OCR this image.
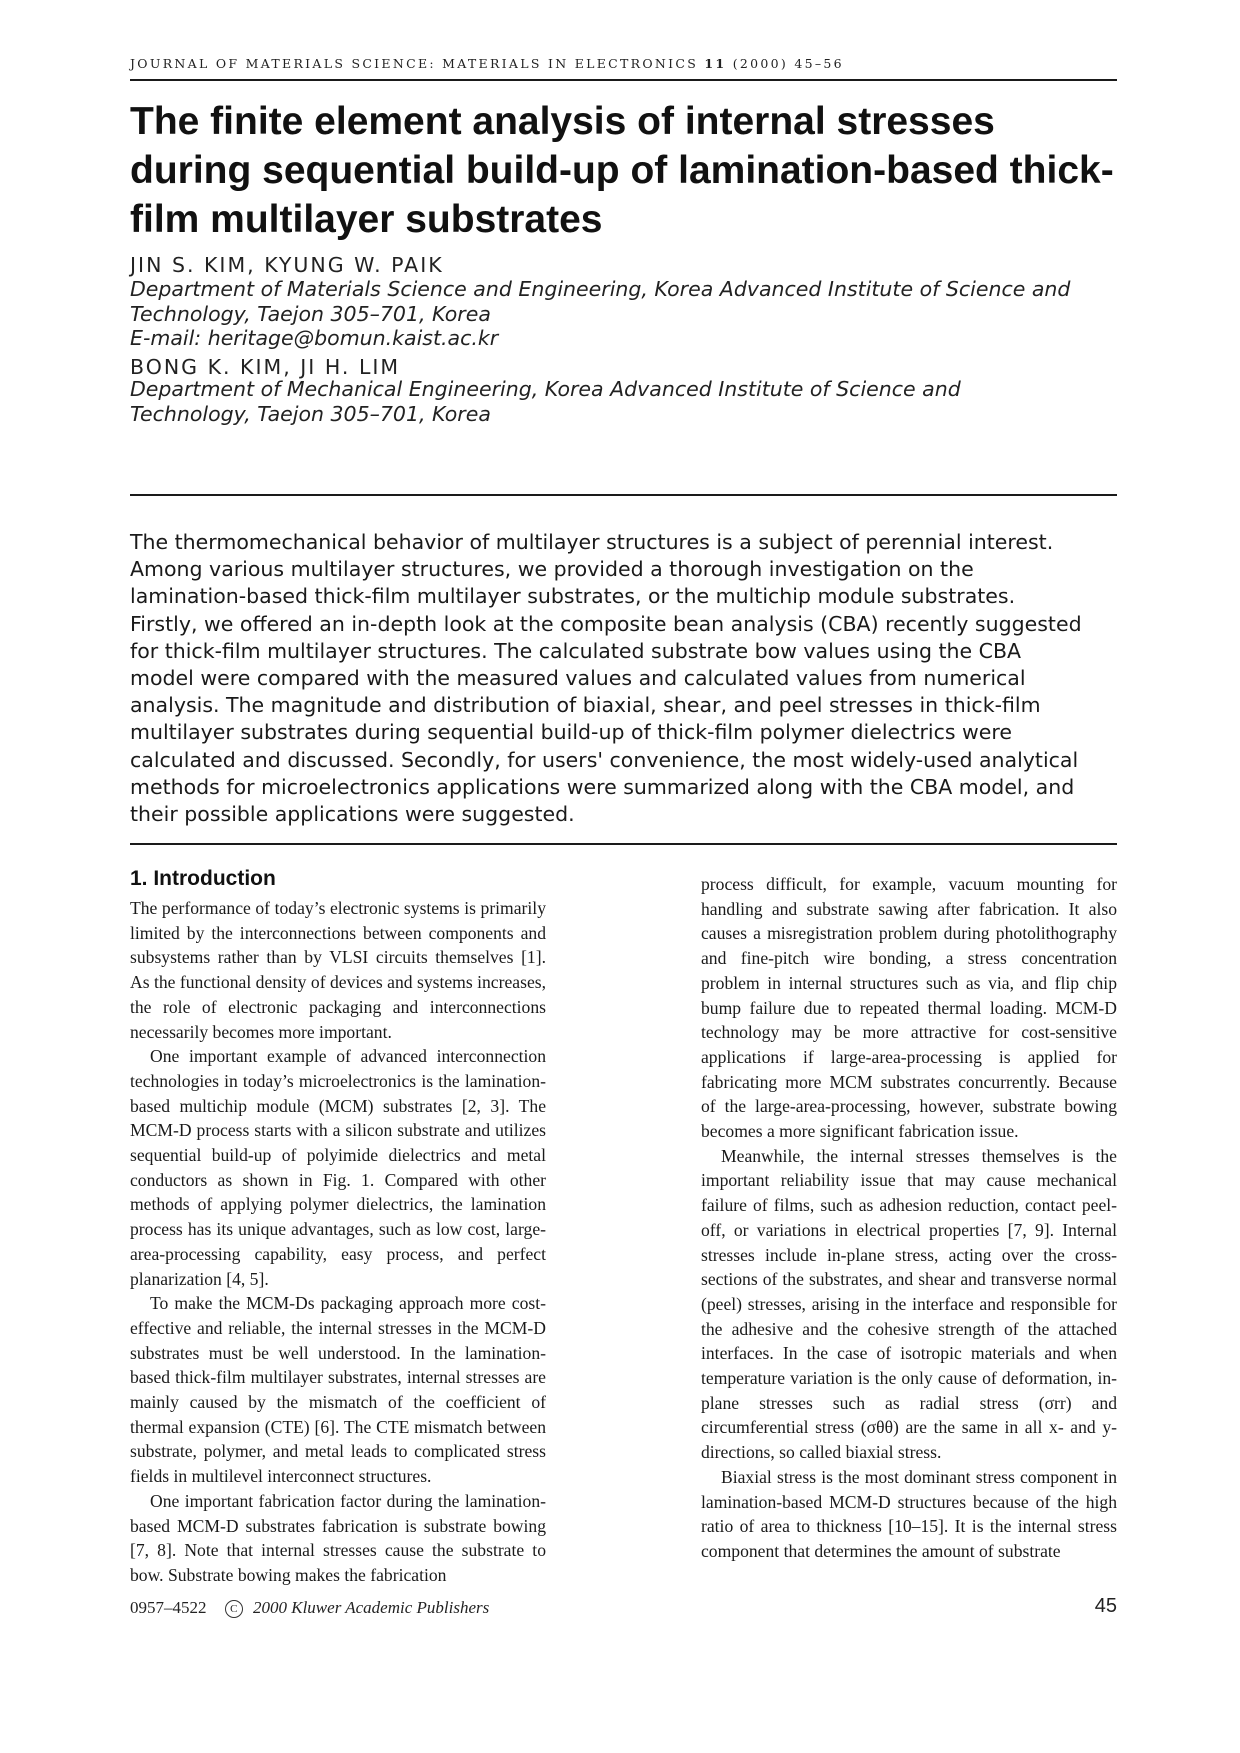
JOURNAL OF MATERIALS SCIENCE: MATERIALS IN ELECTRONICS 11 (2000) 45–56
The finite element analysis of internal stresses during sequential build-up of lamination-based thick-film multilayer substrates
JIN S. KIM, KYUNG W. PAIK
Department of Materials Science and Engineering, Korea Advanced Institute of Science and
Technology, Taejon 305–701, Korea
E-mail: heritage@bomun.kaist.ac.kr
BONG K. KIM, JI H. LIM
Department of Mechanical Engineering, Korea Advanced Institute of Science and
Technology, Taejon 305–701, Korea
The thermomechanical behavior of multilayer structures is a subject of perennial interest.
Among various multilayer structures, we provided a thorough investigation on the
lamination-based thick-film multilayer substrates, or the multichip module substrates.
Firstly, we offered an in-depth look at the composite bean analysis (CBA) recently suggested
for thick-film multilayer structures. The calculated substrate bow values using the CBA
model were compared with the measured values and calculated values from numerical
analysis. The magnitude and distribution of biaxial, shear, and peel stresses in thick-film
multilayer substrates during sequential build-up of thick-film polymer dielectrics were
calculated and discussed. Secondly, for users' convenience, the most widely-used analytical
methods for microelectronics applications were summarized along with the CBA model, and
their possible applications were suggested.
1. Introduction

The performance of today’s electronic systems is primarily limited by the interconnections between components and subsystems rather than by VLSI circuits themselves [1]. As the functional density of devices and systems increases, the role of electronic packaging and interconnections necessarily becomes more important.

One important example of advanced interconnection technologies in today’s microelectronics is the lamination-based multichip module (MCM) substrates [2, 3]. The MCM-D process starts with a silicon substrate and utilizes sequential build-up of polyimide dielectrics and metal conductors as shown in Fig. 1. Compared with other methods of applying polymer dielectrics, the lamination process has its unique advantages, such as low cost, large-area-processing capability, easy process, and perfect planarization [4, 5].

To make the MCM-Ds packaging approach more cost-effective and reliable, the internal stresses in the MCM-D substrates must be well understood. In the lamination-based thick-film multilayer substrates, internal stresses are mainly caused by the mismatch of the coefficient of thermal expansion (CTE) [6]. The CTE mismatch between substrate, polymer, and metal leads to complicated stress fields in multilevel interconnect structures.

One important fabrication factor during the lamination-based MCM-D substrates fabrication is substrate bowing [7, 8]. Note that internal stresses cause the substrate to bow. Substrate bowing makes the fabrication

process difficult, for example, vacuum mounting for handling and substrate sawing after fabrication. It also causes a misregistration problem during photolithography and fine-pitch wire bonding, a stress concentration problem in internal structures such as via, and flip chip bump failure due to repeated thermal loading. MCM-D technology may be more attractive for cost-sensitive applications if large-area-processing is applied for fabricating more MCM substrates concurrently. Because of the large-area-processing, however, substrate bowing becomes a more significant fabrication issue.

Meanwhile, the internal stresses themselves is the important reliability issue that may cause mechanical failure of films, such as adhesion reduction, contact peel-off, or variations in electrical properties [7, 9]. Internal stresses include in-plane stress, acting over the cross-sections of the substrates, and shear and transverse normal (peel) stresses, arising in the interface and responsible for the adhesive and the cohesive strength of the attached interfaces. In the case of isotropic materials and when temperature variation is the only cause of deformation, in-plane stresses such as radial stress (σrr) and circumferential stress (σθθ) are the same in all x- and y-directions, so called biaxial stress.

Biaxial stress is the most dominant stress component in lamination-based MCM-D structures because of the high ratio of area to thickness [10–15]. It is the internal stress component that determines the amount of substrate

0957–4522 C 2000 Kluwer Academic Publishers	45
